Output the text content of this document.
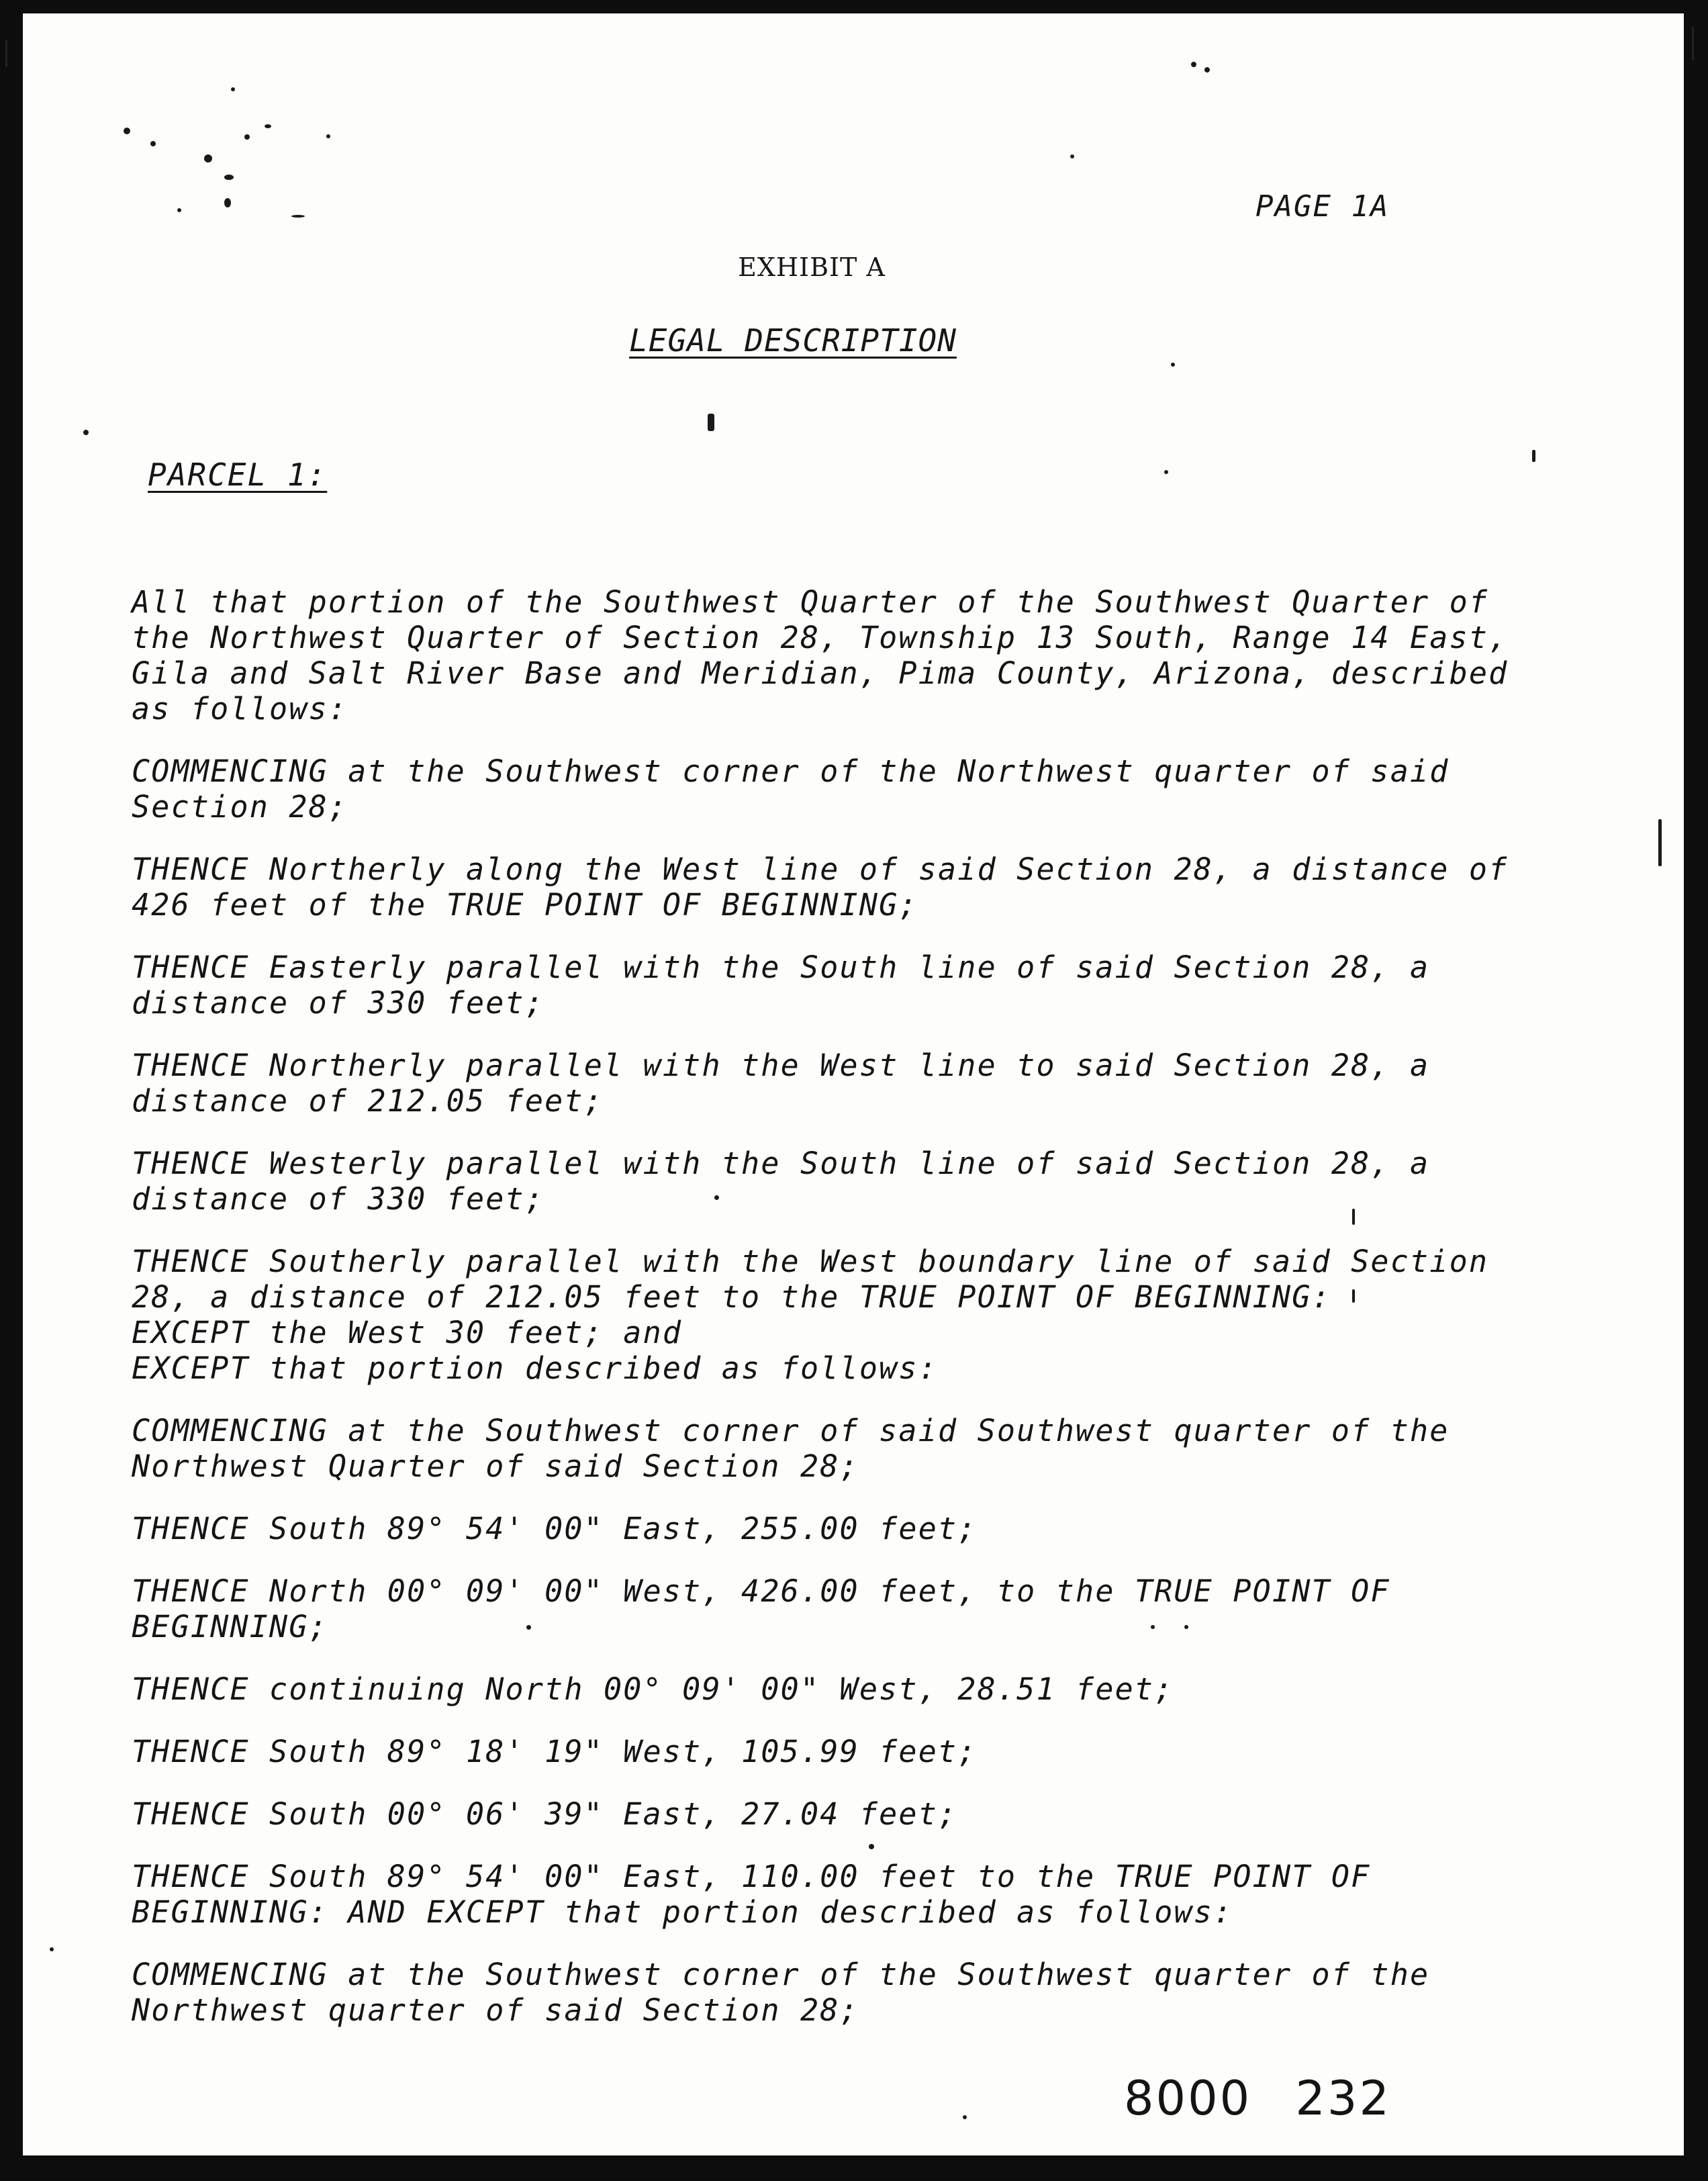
PAGE 1A
EXHIBIT A
LEGAL DESCRIPTION
PARCEL 1:

All that portion of the Southwest Quarter of the Southwest Quarter of
the Northwest Quarter of Section 28, Township 13 South, Range 14 East,
Gila and Salt River Base and Meridian, Pima County, Arizona, described
as follows:

COMMENCING at the Southwest corner of the Northwest quarter of said
Section 28;

THENCE Northerly along the West line of said Section 28, a distance of
426 feet of the TRUE POINT OF BEGINNING;

THENCE Easterly parallel with the South line of said Section 28, a
distance of 330 feet;

THENCE Northerly parallel with the West line to said Section 28, a
distance of 212.05 feet;

THENCE Westerly parallel with the South line of said Section 28, a
distance of 330 feet;

THENCE Southerly parallel with the West boundary line of said Section
28, a distance of 212.05 feet to the TRUE POINT OF BEGINNING:
EXCEPT the West 30 feet; and
EXCEPT that portion described as follows:

COMMENCING at the Southwest corner of said Southwest quarter of the
Northwest Quarter of said Section 28;

THENCE South 89° 54' 00" East, 255.00 feet;

THENCE North 00° 09' 00" West, 426.00 feet, to the TRUE POINT OF
BEGINNING;

THENCE continuing North 00° 09' 00" West, 28.51 feet;

THENCE South 89° 18' 19" West, 105.99 feet;

THENCE South 00° 06' 39" East, 27.04 feet;

THENCE South 89° 54' 00" East, 110.00 feet to the TRUE POINT OF
BEGINNING: AND EXCEPT that portion described as follows:

COMMENCING at the Southwest corner of the Southwest quarter of the
Northwest quarter of said Section 28;

8000 232
